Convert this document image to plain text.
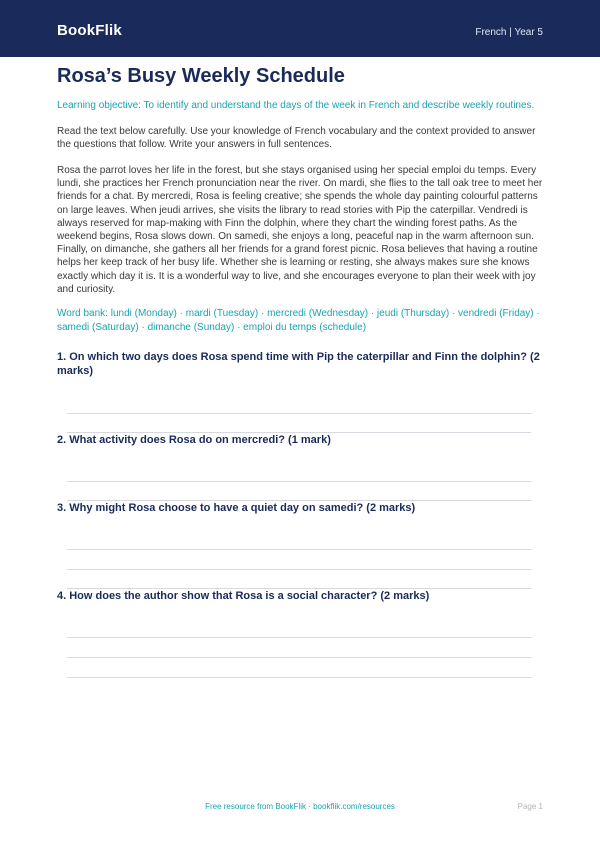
BookFlik	French | Year 5
Rosa’s Busy Weekly Schedule

Learning objective: To identify and understand the days of the week in French and describe weekly routines.

Read the text below carefully. Use your knowledge of French vocabulary and the context provided to answer the questions that follow. Write your answers in full sentences.

Rosa the parrot loves her life in the forest, but she stays organised using her special emploi du temps. Every lundi, she practices her French pronunciation near the river. On mardi, she flies to the tall oak tree to meet her friends for a chat. By mercredi, Rosa is feeling creative; she spends the whole day painting colourful patterns on large leaves. When jeudi arrives, she visits the library to read stories with Pip the caterpillar. Vendredi is always reserved for map-making with Finn the dolphin, where they chart the winding forest paths. As the weekend begins, Rosa slows down. On samedi, she enjoys a long, peaceful nap in the warm afternoon sun. Finally, on dimanche, she gathers all her friends for a grand forest picnic. Rosa believes that having a routine helps her keep track of her busy life. Whether she is learning or resting, she always makes sure she knows exactly which day it is. It is a wonderful way to live, and she encourages everyone to plan their week with joy and curiosity.

Word bank: lundi (Monday) · mardi (Tuesday) · mercredi (Wednesday) · jeudi (Thursday) · vendredi (Friday) · samedi (Saturday) · dimanche (Sunday) · emploi du temps (schedule)

1. On which two days does Rosa spend time with Pip the caterpillar and Finn the dolphin? (2 marks)

2. What activity does Rosa do on mercredi? (1 mark)

3. Why might Rosa choose to have a quiet day on samedi? (2 marks)

4. How does the author show that Rosa is a social character? (2 marks)

Free resource from BookFlik · bookflik.com/resources	Page 1
